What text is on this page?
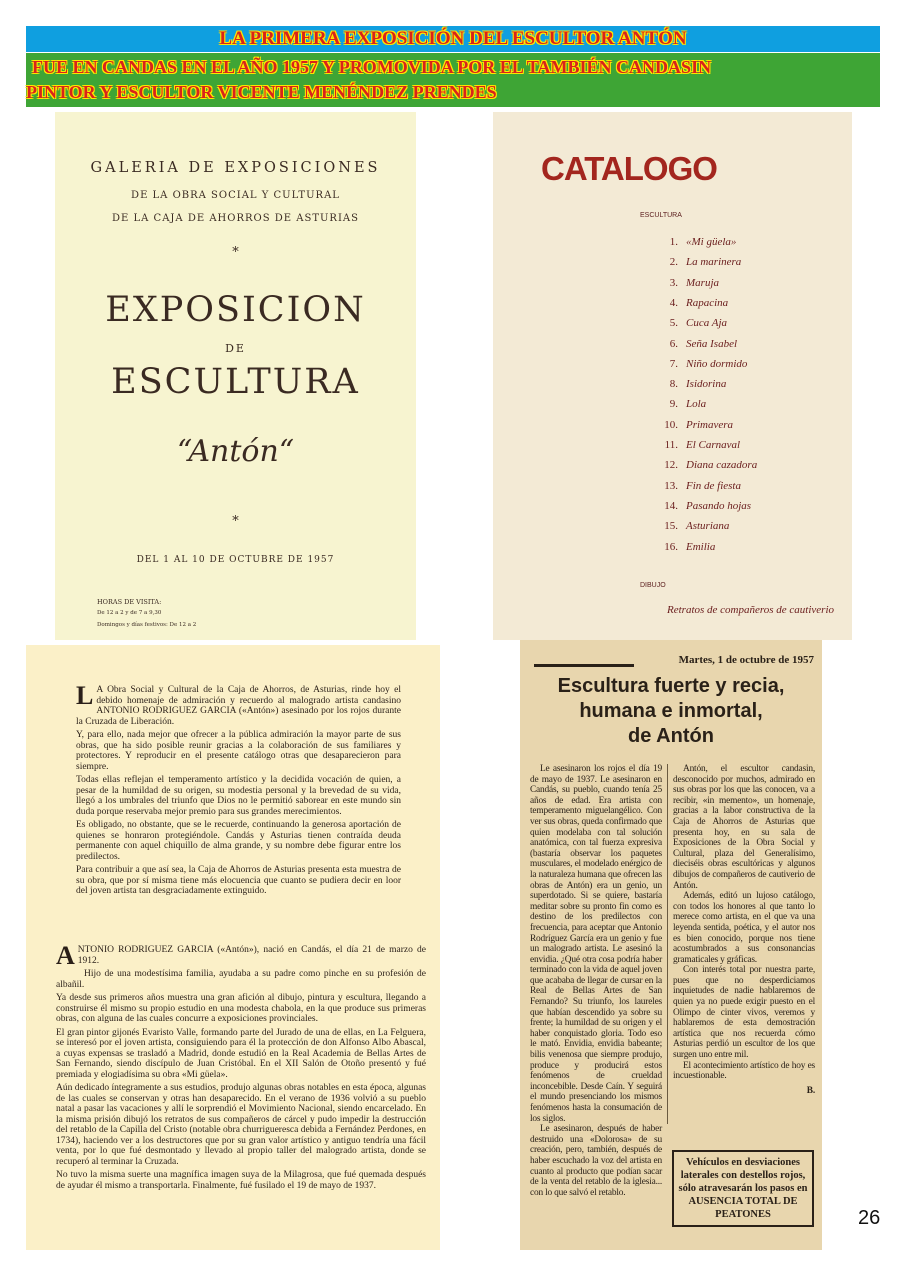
LA PRIMERA EXPOSICIÓN DEL ESCULTOR ANTÓN
FUE EN CANDAS EN EL AÑO 1957 Y PROMOVIDA POR EL TAMBIÉN CANDASIN
PINTOR Y ESCULTOR VICENTE MENÉNDEZ PRENDES
GALERIA DE EXPOSICIONES
DE LA OBRA SOCIAL Y CULTURAL
DE LA CAJA DE AHORROS DE ASTURIAS
*
EXPOSICION
DE
ESCULTURA
“Antón“
*
DEL 1 AL 10 DE OCTUBRE DE 1957
HORAS DE VISITA:
De 12 a 2 y de 7 a 9,30
Domingos y días festivos: De 12 a 2
CATALOGO
ESCULTURA
1. «Mi güela»
2. La marinera
3. Maruja
4. Rapacina
5. Cuca Aja
6. Seña Isabel
7. Niño dormido
8. Isidorina
9. Lola
10. Primavera
11. El Carnaval
12. Diana cazadora
13. Fin de fiesta
14. Pasando hojas
15. Asturiana
16. Emilia
DIBUJO
Retratos de compañeros de cautiverio

L A Obra Social y Cultural de la Caja de Ahorros, de Asturias, rinde hoy el debido homenaje de admiración y recuerdo al malogrado artista candasino ANTONIO RODRIGUEZ GARCIA («Antón») asesinado por los rojos durante la Cruzada de Liberación.

Y, para ello, nada mejor que ofrecer a la pública admiración la mayor parte de sus obras, que ha sido posible reunir gracias a la colaboración de sus familiares y protectores. Y reproducir en el presente catálogo otras que desaparecieron para siempre.

Todas ellas reflejan el temperamento artístico y la decidida vocación de quien, a pesar de la humildad de su origen, su modestia personal y la brevedad de su vida, llegó a los umbrales del triunfo que Dios no le permitió saborear en este mundo sin duda porque reservaba mejor premio para sus grandes merecimientos.

Es obligado, no obstante, que se le recuerde, continuando la generosa aportación de quienes se honraron protegiéndole. Candás y Asturias tienen contraída deuda permanente con aquel chiquillo de alma grande, y su nombre debe figurar entre los predilectos.

Para contribuir a que así sea, la Caja de Ahorros de Asturias presenta esta muestra de su obra, que por sí misma tiene más elocuencia que cuanto se pudiera decir en loor del joven artista tan desgraciadamente extinguido.

ANTONIO RODRIGUEZ GARCIA («Antón»), nació en Candás, el día 21 de marzo de 1912.

Hijo de una modestísima familia, ayudaba a su padre como pinche en su profesión de albañil.

Ya desde sus primeros años muestra una gran afición al dibujo, pintura y escultura, llegando a construirse él mismo su propio estudio en una modesta chabola, en la que produce sus primeras obras, con alguna de las cuales concurre a exposiciones provinciales.

El gran pintor gijonés Evaristo Valle, formando parte del Jurado de una de ellas, en La Felguera, se interesó por el joven artista, consiguiendo para él la protección de don Alfonso Albo Abascal, a cuyas expensas se trasladó a Madrid, donde estudió en la Real Academia de Bellas Artes de San Fernando, siendo discípulo de Juan Cristóbal. En el XII Salón de Otoño presentó y fué premiada y elogiadísima su obra «Mi güela».

Aún dedicado íntegramente a sus estudios, produjo algunas obras notables en esta época, algunas de las cuales se conservan y otras han desaparecido. En el verano de 1936 volvió a su pueblo natal a pasar las vacaciones y allí le sorprendió el Movimiento Nacional, siendo encarcelado. En la misma prisión dibujó los retratos de sus compañeros de cárcel y pudo impedir la destrucción del retablo de la Capilla del Cristo (notable obra churrigueresca debida a Fernández Perdones, en 1734), haciendo ver a los destructores que por su gran valor artístico y antiguo tendría una fácil venta, por lo que fué desmontado y llevado al propio taller del malogrado artista, donde se recuperó al terminar la Cruzada.

No tuvo la misma suerte una magnífica imagen suya de la Milagrosa, que fué quemada después de ayudar él mismo a transportarla. Finalmente, fué fusilado el 19 de mayo de 1937.

Martes, 1 de octubre de 1957
Escultura fuerte y recia,
humana e inmortal,
de Antón

Le asesinaron los rojos el día 19 de mayo de 1937. Le asesinaron en Candás, su pueblo, cuando tenía 25 años de edad. Era artista con temperamento miguelangélico. Con ver sus obras, queda confirmado que quien modelaba con tal solución anatómica, con tal fuerza expresiva (bastaría observar los paquetes musculares, el modelado enérgico de la naturaleza humana que ofrecen las obras de Antón) era un genio, un superdotado. Si se quiere, bastaría meditar sobre su pronto fin como es destino de los predilectos con frecuencia, para aceptar que Antonio Rodríguez García era un genio y fue un malogrado artista. Le asesinó la envidia. ¿Qué otra cosa podría haber terminado con la vida de aquel joven que acababa de llegar de cursar en la Real de Bellas Artes de San Fernando? Su triunfo, los laureles que habían descendido ya sobre su frente; la humildad de su origen y el haber conquistado gloria. Todo eso le mató. Envidia, envidia babeante; bilis venenosa que siempre produjo, produce y producirá estos fenómenos de crueldad inconcebible. Desde Caín. Y seguirá el mundo presenciando los mismos fenómenos hasta la consumación de los siglos.

Le asesinaron, después de haber destruido una «Dolorosa» de su creación, pero, también, después de haber escuchado la voz del artista en cuanto al producto que podían sacar de la venta del retablo de la iglesia... con lo que salvó el retablo.

Antón, el escultor candasin, desconocido por muchos, admirado en sus obras por los que las conocen, va a recibir, «in memento», un homenaje, gracias a la labor constructiva de la Caja de Ahorros de Asturias que presenta hoy, en su sala de Exposiciones de la Obra Social y Cultural, plaza del Generalísimo, dieciséis obras escultóricas y algunos dibujos de compañeros de cautiverio de Antón.

Además, editó un lujoso catálogo, con todos los honores al que tanto lo merece como artista, en el que va una leyenda sentida, poética, y el autor nos es bien conocido, porque nos tiene acostumbrados a sus consonancias gramaticales y gráficas.

Con interés total por nuestra parte, pues que no desperdiciamos inquietudes de nadie hablaremos de quien ya no puede exigir puesto en el Olimpo de cinter vivos, veremos y hablaremos de esta demostración artística que nos recuerda cómo Asturias perdió un escultor de los que surgen uno entre mil.

El acontecimiento artístico de hoy es incuestionable.

B.
Vehículos en desviaciones laterales con destellos rojos, sólo atravesarán los pasos en AUSENCIA TOTAL DE PEATONES	26
